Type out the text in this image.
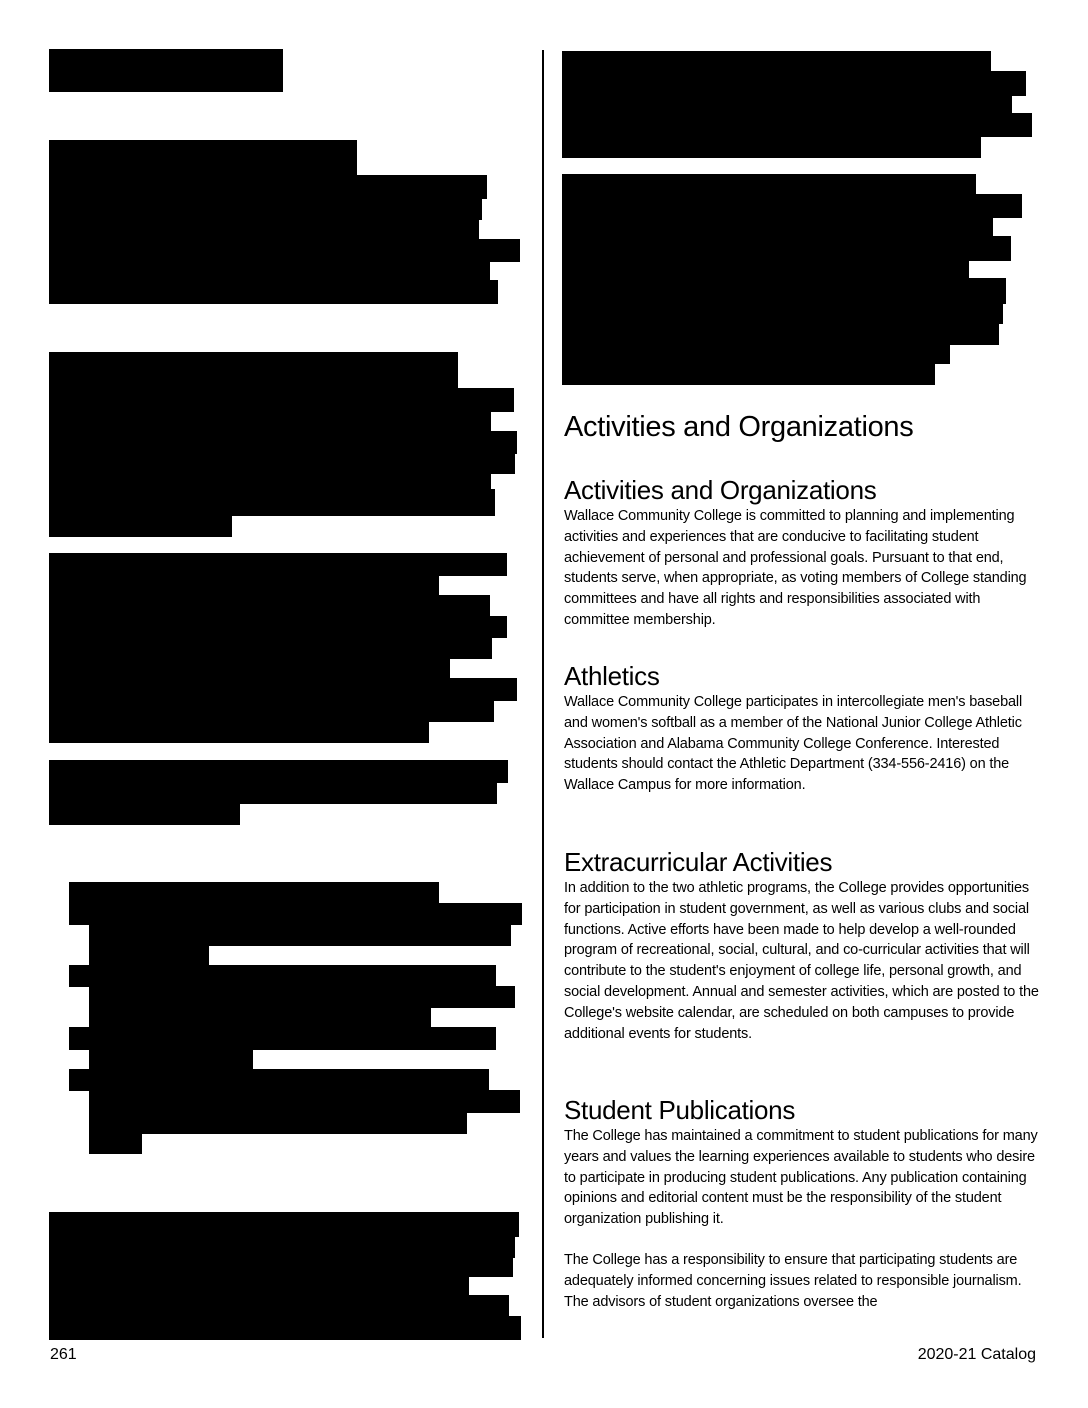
Activities and Organizations
Activities and Organizations

Wallace Community College is committed to planning and implementing activities and experiences that are conducive to facilitating student achievement of personal and professional goals. Pursuant to that end, students serve, when appropriate, as voting members of College standing committees and have all rights and responsibilities associated with committee membership.

Athletics

Wallace Community College participates in intercollegiate men's baseball and women's softball as a member of the National Junior College Athletic Association and Alabama Community College Conference. Interested students should contact the Athletic Department (334-556-2416) on the Wallace Campus for more information.

Extracurricular Activities

In addition to the two athletic programs, the College provides opportunities for participation in student government, as well as various clubs and social functions. Active efforts have been made to help develop a well-rounded program of recreational, social, cultural, and co-curricular activities that will contribute to the student's enjoyment of college life, personal growth, and social development. Annual and semester activities, which are posted to the College's website calendar, are scheduled on both campuses to provide additional events for students.

Student Publications

The College has maintained a commitment to student publications for many years and values the learning experiences available to students who desire to participate in producing student publications. Any publication containing opinions and editorial content must be the responsibility of the student organization publishing it.

The College has a responsibility to ensure that participating students are adequately informed concerning issues related to responsible journalism. The advisors of student organizations oversee the

261	2020-21 Catalog
